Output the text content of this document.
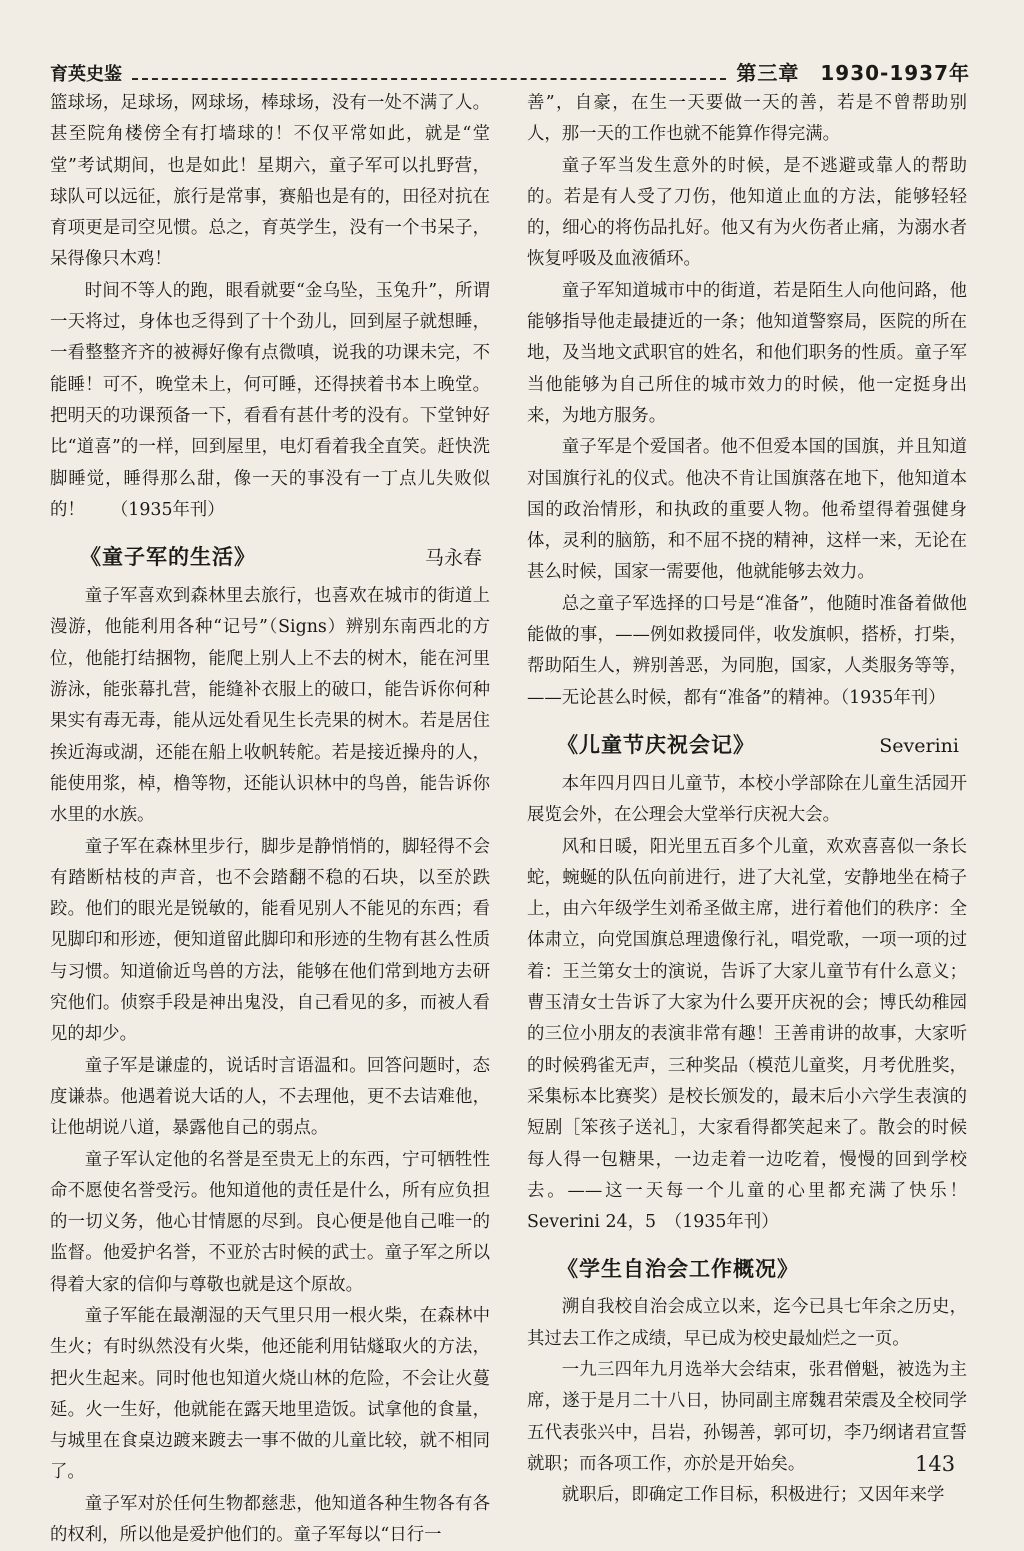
育英史鉴	第三章　1930-1937年

篮球场，足球场，网球场，棒球场，没有一处不满了人。甚至院角楼傍全有打墙球的！不仅平常如此，就是“堂堂”考试期间，也是如此！星期六，童子军可以扎野营，球队可以远征，旅行是常事，赛船也是有的，田径对抗在育项更是司空见惯。总之，育英学生，没有一个书呆子，呆得像只木鸡！

时间不等人的跑，眼看就要“金乌坠，玉兔升”，所谓一天将过，身体也乏得到了十个劲儿，回到屋子就想睡，一看整整齐齐的被褥好像有点微嗔，说我的功课未完，不能睡！可不，晚堂未上，何可睡，还得挟着书本上晚堂。把明天的功课预备一下，看看有甚什考的没有。下堂钟好比“道喜”的一样，回到屋里，电灯看着我全直笑。赶快洗脚睡觉，睡得那么甜，像一天的事没有一丁点儿失败似的！　　（1935年刊）

《童子军的生活》	马永春

童子军喜欢到森林里去旅行，也喜欢在城市的街道上漫游，他能利用各种“记号”（Signs）辨别东南西北的方位，他能打结捆物，能爬上别人上不去的树木，能在河里游泳，能张幕扎营，能缝补衣服上的破口，能告诉你何种果实有毒无毒，能从远处看见生长壳果的树木。若是居住挨近海或湖，还能在船上收帆转舵。若是接近操舟的人，能使用浆，棹，橹等物，还能认识林中的鸟兽，能告诉你水里的水族。

童子军在森林里步行，脚步是静悄悄的，脚轻得不会有踏断枯枝的声音，也不会踏翻不稳的石块，以至於跌跤。他们的眼光是锐敏的，能看见别人不能见的东西；看见脚印和形迹，便知道留此脚印和形迹的生物有甚么性质与习惯。知道偷近鸟兽的方法，能够在他们常到地方去研究他们。侦察手段是神出鬼没，自己看见的多，而被人看见的却少。

童子军是谦虚的，说话时言语温和。回答问题时，态度谦恭。他遇着说大话的人，不去理他，更不去诘难他，让他胡说八道，暴露他自己的弱点。

童子军认定他的名誉是至贵无上的东西，宁可牺牲性命不愿使名誉受污。他知道他的责任是什么，所有应负担的一切义务，他心甘情愿的尽到。良心便是他自己唯一的监督。他爱护名誉，不亚於古时候的武士。童子军之所以得着大家的信仰与尊敬也就是这个原故。

童子军能在最潮湿的天气里只用一根火柴，在森林中生火；有时纵然没有火柴，他还能利用钻燧取火的方法，把火生起来。同时他也知道火烧山林的危险，不会让火蔓延。火一生好，他就能在露天地里造饭。试拿他的食量，与城里在食桌边踱来踱去一事不做的儿童比较，就不相同了。

童子军对於任何生物都慈悲，他知道各种生物各有各的权利，所以他是爱护他们的。童子军每以“日行一

善”，自豪，在生一天要做一天的善，若是不曾帮助别人，那一天的工作也就不能算作得完满。

童子军当发生意外的时候，是不逃避或靠人的帮助的。若是有人受了刀伤，他知道止血的方法，能够轻轻的，细心的将伤品扎好。他又有为火伤者止痛，为溺水者恢复呼吸及血液循环。

童子军知道城市中的街道，若是陌生人向他问路，他能够指导他走最捷近的一条；他知道警察局，医院的所在地，及当地文武职官的姓名，和他们职务的性质。童子军当他能够为自己所住的城市效力的时候，他一定挺身出来，为地方服务。

童子军是个爱国者。他不但爱本国的国旗，并且知道对国旗行礼的仪式。他决不肯让国旗落在地下，他知道本国的政治情形，和执政的重要人物。他希望得着强健身体，灵利的脑筋，和不屈不挠的精神，这样一来，无论在甚么时候，国家一需要他，他就能够去效力。

总之童子军选择的口号是“准备”，他随时准备着做他能做的事，——例如救援同伴，收发旗帜，搭桥，打柴，帮助陌生人，辨别善恶，为同胞，国家，人类服务等等，——无论甚么时候，都有“准备”的精神。（1935年刊）

《儿童节庆祝会记》	Severini

本年四月四日儿童节，本校小学部除在儿童生活园开展览会外，在公理会大堂举行庆祝大会。

风和日暖，阳光里五百多个儿童，欢欢喜喜似一条长蛇，蜿蜒的队伍向前进行，进了大礼堂，安静地坐在椅子上，由六年级学生刘希圣做主席，进行着他们的秩序：全体肃立，向党国旗总理遗像行礼，唱党歌，一项一项的过着：王兰第女士的演说，告诉了大家儿童节有什么意义；曹玉清女士告诉了大家为什么要开庆祝的会；博氏幼稚园的三位小朋友的表演非常有趣！王善甫讲的故事，大家听的时候鸦雀无声，三种奖品（模范儿童奖，月考优胜奖，采集标本比赛奖）是校长颁发的，最末后小六学生表演的短剧［笨孩子送礼］，大家看得都笑起来了。散会的时候每人得一包糖果，一边走着一边吃着，慢慢的回到学校去。——这一天每一个儿童的心里都充满了快乐！Severini 24，5　（1935年刊）

《学生自治会工作概况》

溯自我校自治会成立以来，迄今已具七年余之历史，其过去工作之成绩，早已成为校史最灿烂之一页。

一九三四年九月选举大会结束，张君僧魁，被选为主席，遂于是月二十八日，协同副主席魏君荣震及全校同学五代表张兴中，吕岩，孙锡善，郭可切，李乃纲诸君宣誓就职；而各项工作，亦於是开始矣。

就职后，即确定工作目标，积极进行；又因年来学

143
